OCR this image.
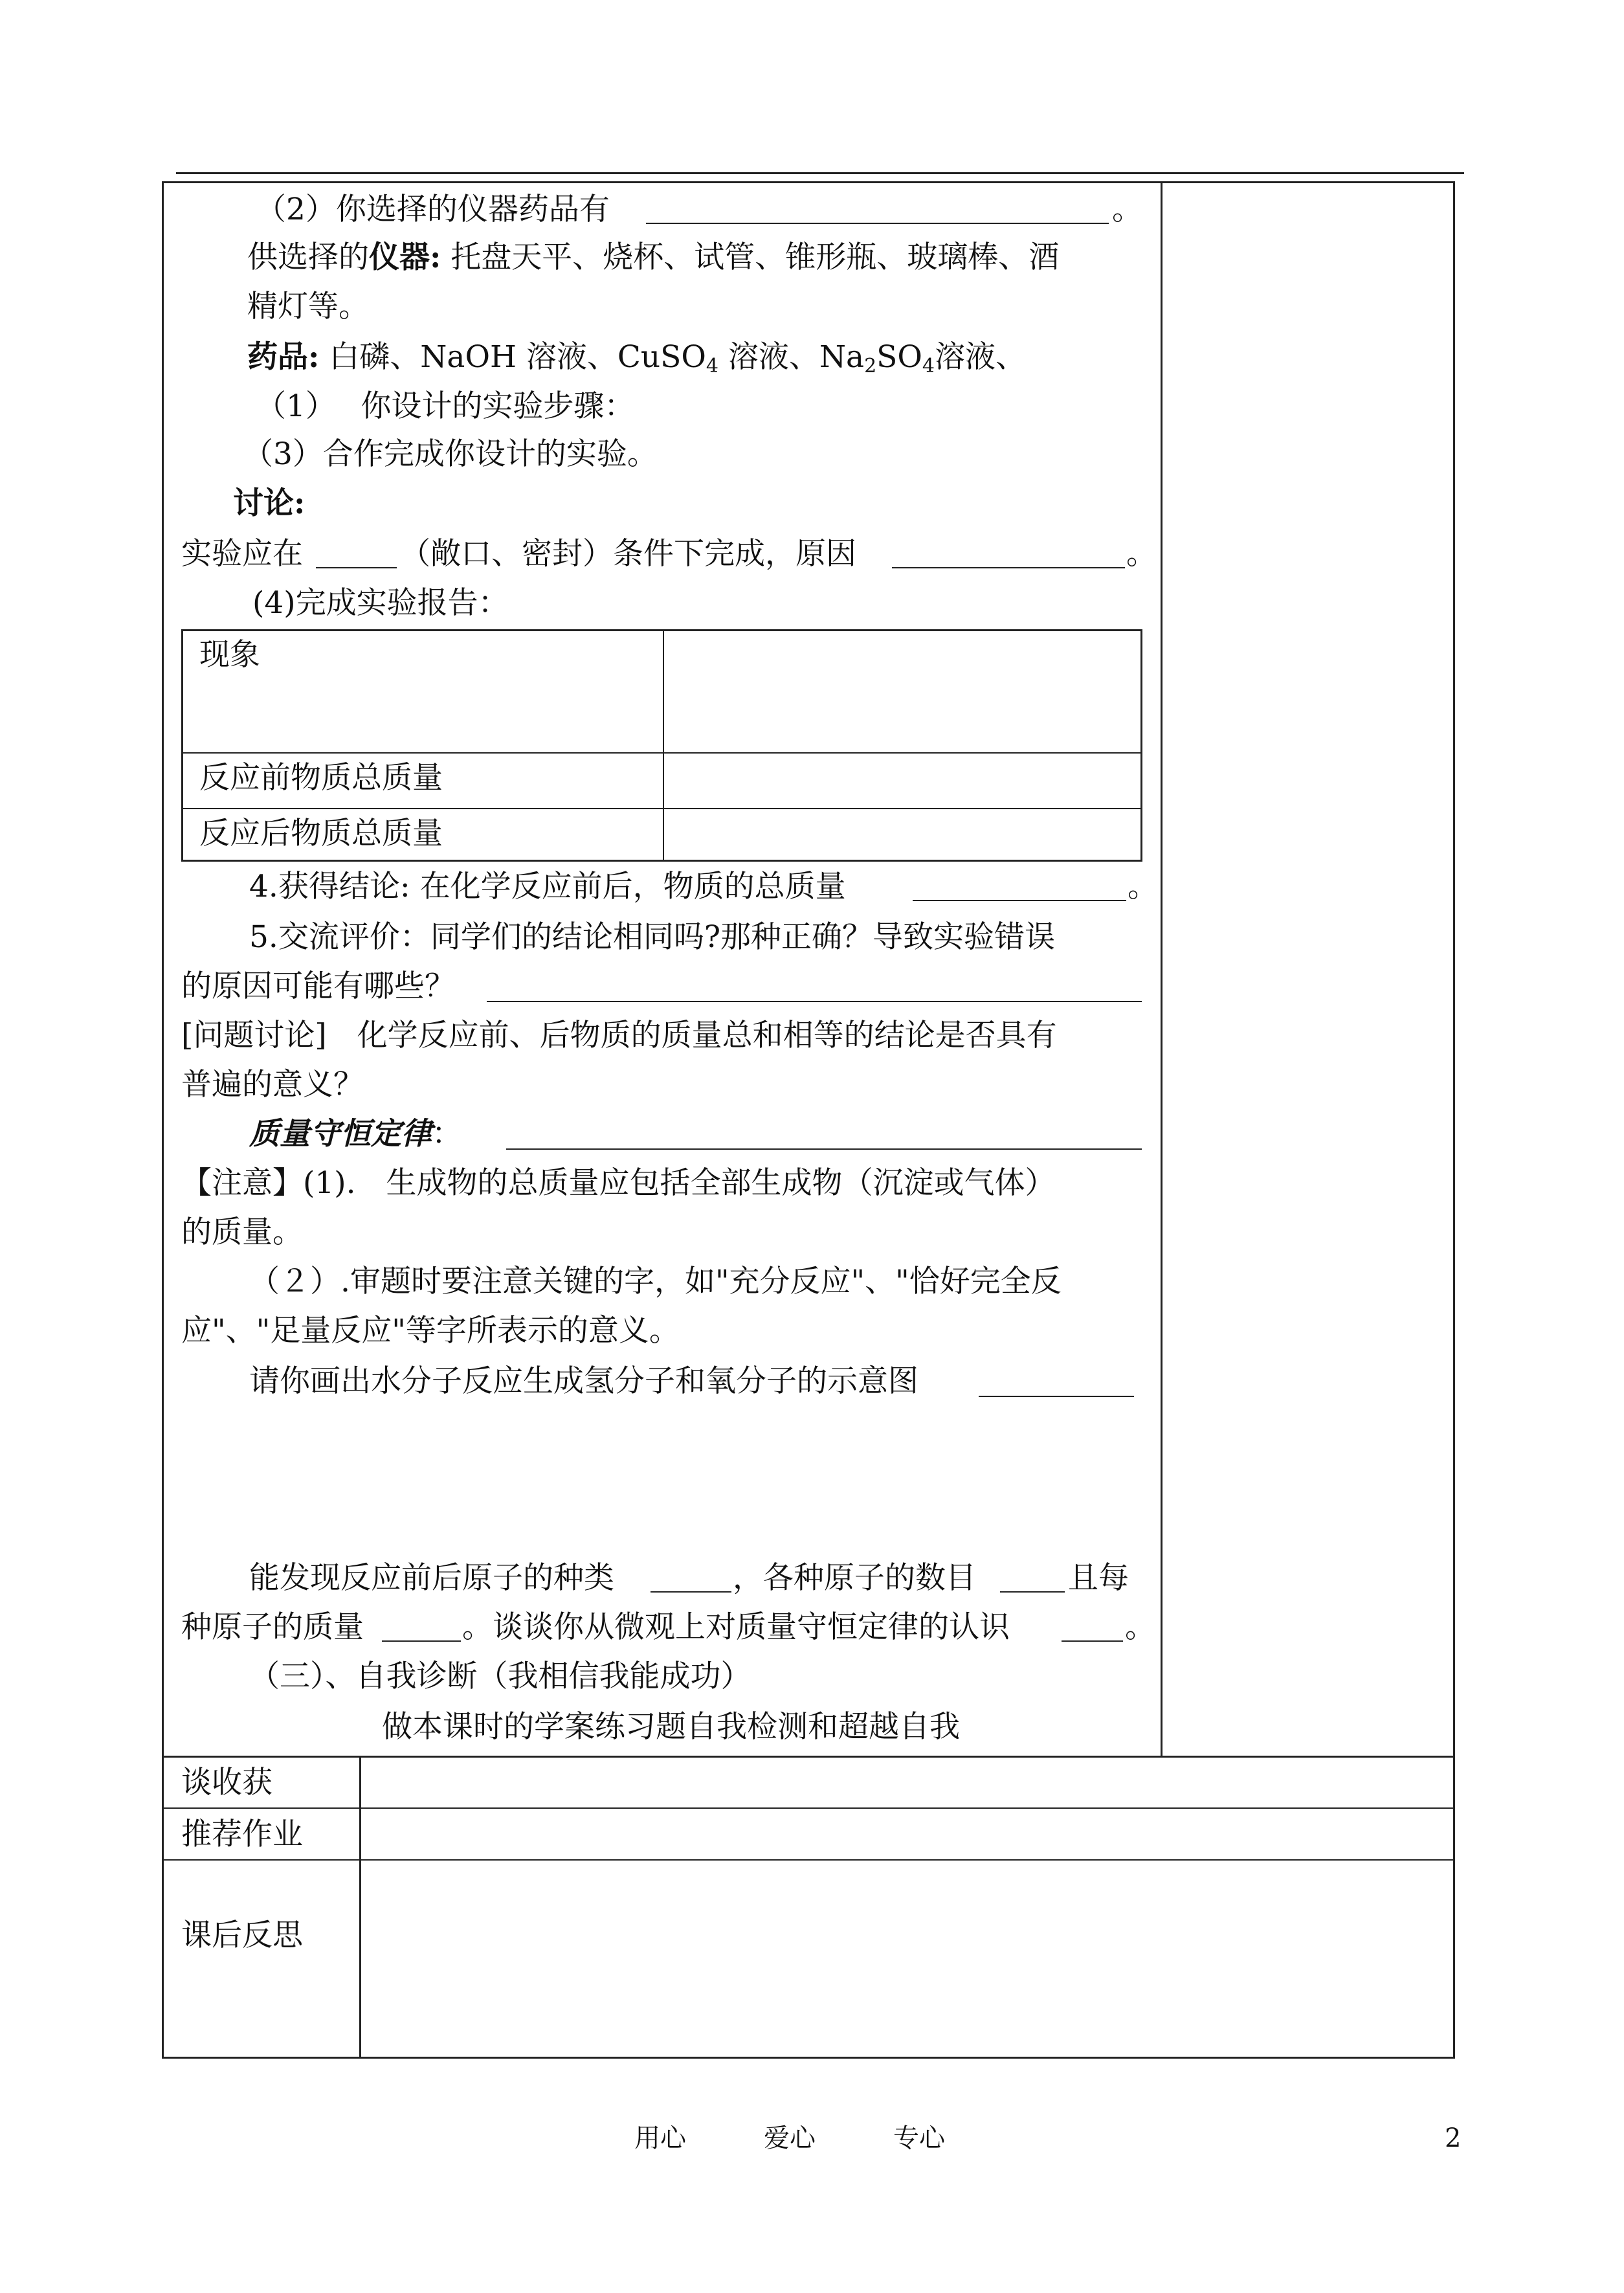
（2）你选择的仪器药品有	。
供选择的仪器: 托盘天平、烧杯、试管、锥形瓶、玻璃棒、酒
精灯等。
药品: 白磷、NaOH 溶液、CuSO$_4$ 溶液、$Na_2SO_4$溶液、
（1）　 你设计的实验步骤：
（3）合作完成你设计的实验。
讨论:
实验应在	（敞口、密封）条件下完成，原因	。
(4)完成实验报告：
现象
反应前物质总质量
反应后物质总质量
4.获得结论: 在化学反应前后，物质的总质量	。
5.交流评价：同学们的结论相同吗?那种正确？导致实验错误
的原因可能有哪些？
[问题讨论]　化学反应前、后物质的质量总和相等的结论是否具有
普遍的意义？
质量守恒定律：
【注意】(1).　生成物的总质量应包括全部生成物（沉淀或气体）
的质量。
（２）.审题时要注意关键的字，如"充分反应"、"恰好完全反
应"、"足量反应"等字所表示的意义。
请你画出水分子反应生成氢分子和氧分子的示意图
能发现反应前后原子的种类	，各种原子的数目	且每
种原子的质量	。谈谈你从微观上对质量守恒定律的认识	。
（三）、自我诊断（我相信我能成功）
做本课时的学案练习题自我检测和超越自我
谈收获
推荐作业
课后反思
用心	爱心	专心	2
